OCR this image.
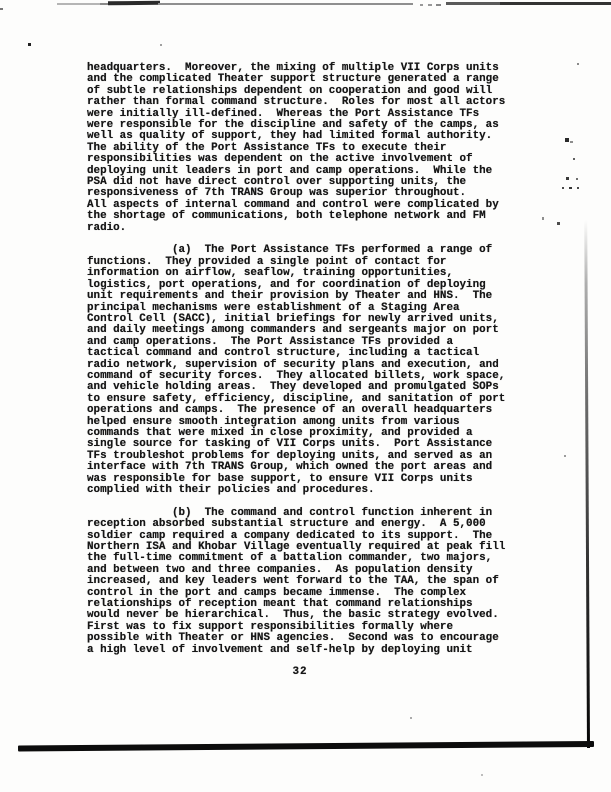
headquarters.  Moreover, the mixing of multiple VII Corps units
and the complicated Theater support structure generated a range
of subtle relationships dependent on cooperation and good will
rather than formal command structure.  Roles for most all actors
were initially ill-defined.  Whereas the Port Assistance TFs
were responsible for the discipline and safety of the camps, as
well as quality of support, they had limited formal authority.
The ability of the Port Assistance TFs to execute their
responsibilities was dependent on the active involvement of
deploying unit leaders in port and camp operations.  While the
PSA did not have direct control over supporting units, the
responsiveness of 7th TRANS Group was superior throughout.
All aspects of internal command and control were complicated by
the shortage of communications, both telephone network and FM
radio.
(a)  The Port Assistance TFs performed a range of
functions.  They provided a single point of contact for
information on airflow, seaflow, training opportunities,
logistics, port operations, and for coordination of deploying
unit requirements and their provision by Theater and HNS.  The
principal mechanisms were establishment of a Staging Area
Control Cell (SACC), initial briefings for newly arrived units,
and daily meetings among commanders and sergeants major on port
and camp operations.  The Port Assistance TFs provided a
tactical command and control structure, including a tactical
radio network, supervision of security plans and execution, and
command of security forces.  They allocated billets, work space,
and vehicle holding areas.  They developed and promulgated SOPs
to ensure safety, efficiency, discipline, and sanitation of port
operations and camps.  The presence of an overall headquarters
helped ensure smooth integration among units from various
commands that were mixed in close proximity, and provided a
single source for tasking of VII Corps units.  Port Assistance
TFs troubleshot problems for deploying units, and served as an
interface with 7th TRANS Group, which owned the port areas and
was responsible for base support, to ensure VII Corps units
complied with their policies and procedures.
(b)  The command and control function inherent in
reception absorbed substantial structure and energy.  A 5,000
soldier camp required a company dedicated to its support.  The
Northern ISA and Khobar Village eventually required at peak fill
the full-time commitment of a battalion commander, two majors,
and between two and three companies.  As population density
increased, and key leaders went forward to the TAA, the span of
control in the port and camps became immense.  The complex
relationships of reception meant that command relationships
would never be hierarchical.  Thus, the basic strategy evolved.
First was to fix support responsibilities formally where
possible with Theater or HNS agencies.  Second was to encourage
a high level of involvement and self-help by deploying unit
32
